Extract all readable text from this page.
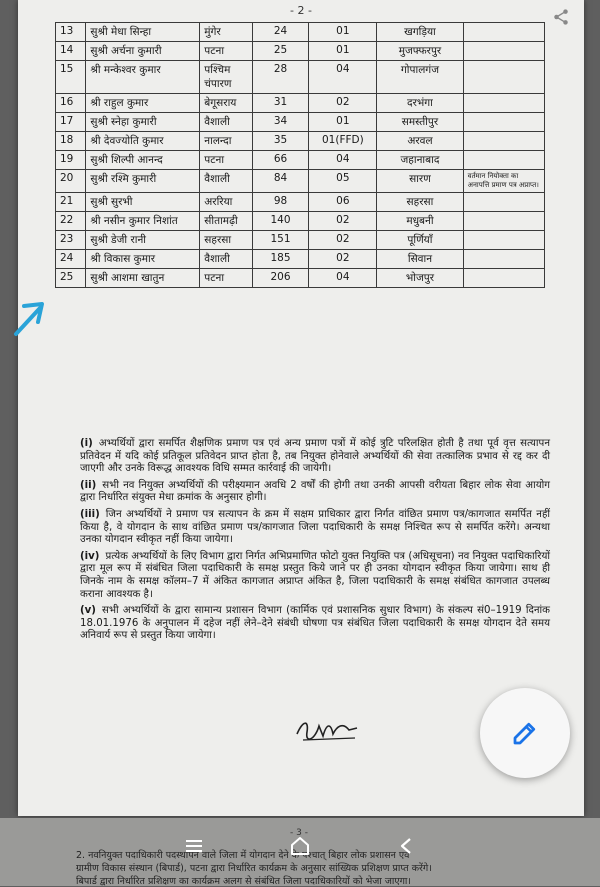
- 2 -
13	सुश्री मेधा सिन्हा	मुंगेर	24	01	खगड़िया	
14	सुश्री अर्चना कुमारी	पटना	25	01	मुजफ्फरपुर	
15	श्री मन्केश्वर कुमार	पश्चिम चंपारण	28	04	गोपालगंज	
16	श्री राहुल कुमार	बेगूसराय	31	02	दरभंगा	
17	सुश्री स्नेहा कुमारी	वैशाली	34	01	समस्तीपुर	
18	श्री देवज्योति कुमार	नालन्दा	35	01(FFD)	अरवल	
19	सुश्री शिल्पी आनन्द	पटना	66	04	जहानाबाद	
20	सुश्री रश्मि कुमारी	वैशाली	84	05	सारण	वर्तमान नियोक्ता का अनापत्ति प्रमाण पत्र अप्राप्त।
21	सुश्री सुरभी	अररिया	98	06	सहरसा	
22	श्री नसीन कुमार निशांत	सीतामढ़ी	140	02	मधुबनी	
23	सुश्री डेजी रानी	सहरसा	151	02	पूर्णियाँ	
24	श्री विकास कुमार	वैशाली	185	02	सिवान	
25	सुश्री आशमा खातुन	पटना	206	04	भोजपुर	

(i) अभ्यर्थियों द्वारा समर्पित शैक्षणिक प्रमाण पत्र एवं अन्य प्रमाण पत्रों में कोई त्रुटि परिलक्षित होती है तथा पूर्व वृत्त सत्यापन प्रतिवेदन में यदि कोई प्रतिकूल प्रतिवेदन प्राप्त होता है, तब नियुक्त होनेवाले अभ्यर्थियों की सेवा तत्कालिक प्रभाव से रद्द कर दी जाएगी और उनके विरूद्ध आवश्यक विधि सम्मत कार्रवाई की जायेगी।

(ii) सभी नव नियुक्त अभ्यर्थियों की परीक्ष्यमान अवधि 2 वर्षों की होगी तथा उनकी आपसी वरीयता बिहार लोक सेवा आयोग द्वारा निर्धारित संयुक्त मेधा क्रमांक के अनुसार होगी।

(iii) जिन अभ्यर्थियों ने प्रमाण पत्र सत्यापन के क्रम में सक्षम प्राधिकार द्वारा निर्गत वांछित प्रमाण पत्र/कागजात समर्पित नहीं किया है, वे योगदान के साथ वांछित प्रमाण पत्र/कागजात जिला पदाधिकारी के समक्ष निश्चित रूप से समर्पित करेंगे। अन्यथा उनका योगदान स्वीकृत नहीं किया जायेगा।

(iv) प्रत्येक अभ्यर्थियों के लिए विभाग द्वारा निर्गत अभिप्रमाणित फोटो युक्त नियुक्ति पत्र (अधिसूचना) नव नियुक्त पदाधिकारियों द्वारा मूल रूप में संबंधित जिला पदाधिकारी के समक्ष प्रस्तुत किये जाने पर ही उनका योगदान स्वीकृत किया जायेगा। साथ ही जिनके नाम के समक्ष कॉलम–7 में अंकित कागजात अप्राप्त अंकित है, जिला पदाधिकारी के समक्ष संबंधित कागजात उपलब्ध कराना आवश्यक है।

(v) सभी अभ्यर्थियों के द्वारा सामान्य प्रशासन विभाग (कार्मिक एवं प्रशासनिक सुधार विभाग) के संकल्प सं0–1919 दिनांक 18.01.1976 के अनुपालन में दहेज नहीं लेने–देने संबंधी घोषणा पत्र संबंधित जिला पदाधिकारी के समक्ष योगदान देते समय अनिवार्य रूप से प्रस्तुत किया जायेगा।

- 3 -
2. नवनियुक्त पदाधिकारी पदस्थापन वाले जिला में योगदान देने के पश्चात् बिहार लोक प्रशासन एवं
ग्रामीण विकास संस्थान (बिपार्ड), पटना द्वारा निर्धारित कार्यक्रम के अनुसार सांख्यिक प्रशिक्षण प्राप्त करेंगे।
बिपार्ड द्वारा निर्धारित प्रशिक्षण का कार्यक्रम अलग से संबंधित जिला पदाधिकारियों को भेजा जाएगा।
